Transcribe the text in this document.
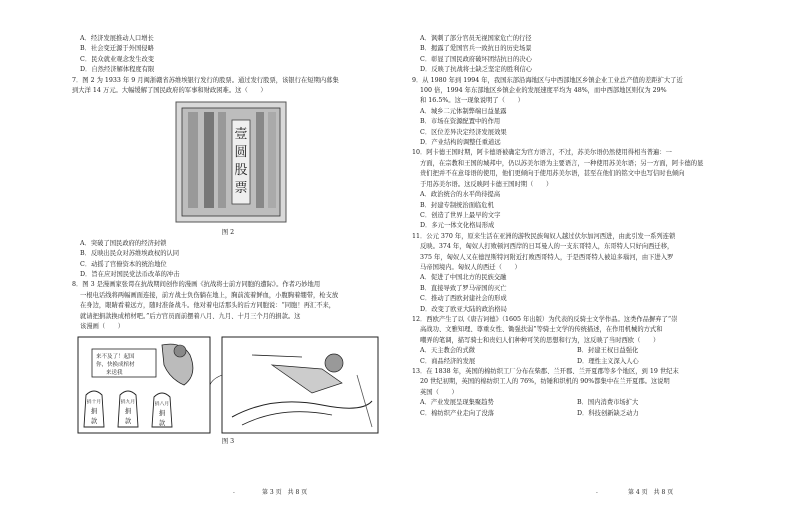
A．经济发展推动人口增长
B．社会变迁源于外国侵略
C．民众就业观念发生改变
D．自然经济解体程度有限
7．图 2 为 1933 年 9 月闽浙赣省苏维埃银行发行的股票。通过发行股票，该银行在短期内募集
到大洋 14 万元。大幅缓解了国民政府的军事和财政困难。这（　　）
壹
圆
股
票
图 2
A．突破了国民政府的经济封锁
B．反映出民众对苏维埃政权的认同
C．动摇了官僚资本的统治地位
D．旨在应对国民党法币改革的冲击
8．图 3 是漫画家张谔在抗战期间创作的漫画《抗战将士前方同胞的遭际》。作者巧妙地用
一根电话线将两幅画面连接，前方战士负伤躺在地上，胸前流着鲜血，小腹胸着绷带，枪支放
在身边，眼睛看着远方，随时准备战斗。他对着电话那头的后方同胞说：“同胞！再汇不来，
就请把捐款换成棺材吧。”后方官员面前摆着八月、九月、十月三个月的捐款。这
该漫画（　　）
来不及了！起国
你，快换成棺材
来送我
捐十月
捐
款
捐九月
捐
款
捐八月
捐
款
图 3
·	第 3 页　共 8 页
A．讽刺了部分官员无视国家危亡的行径
B．揭露了爱国官兵一致抗日的历史场景
C．彰显了国民政府破坏团结抗日的决心
D．反映了抗战将士缺乏坚定的胜利信心
9．从 1980 年到 1994 年，我国东部沿海地区与中西部地区乡镇企业工业总产值的差距扩大了近
100 倍，1994 年东部地区乡镇企业的发展速度平均为 48%，而中西部地区则仅为 29%
和 16.5%。这一现象说明了（　　）
A．城乡二元体制弊端日益显露
B．市场在资源配置中的作用
C．区位差异决定经济发展效果
D．产业结构的调整任重道远
10．阿卡德王国时期，阿卡德语被确定为官方语言，不过，苏美尔语仍然使用得相当普遍：一
方面，在宗教和王国的城邦中，仍以苏美尔语为主要语言，一种使用苏美尔语；另一方面，阿卡德的显
贵们把并不在意母语的使用，他们更倾向于使用苏美尔语，甚至在他们的铭文中也写信时也倾向
于用苏美尔语。这反映阿卡德王国时期（　　）
A．政治统合的水平尚待提高
B．封建专制统治面临危机
C．创造了世界上最早的文字
D．多元一体文化格局形成
11．公元 370 年，原来生活在亚洲的游牧民族匈奴人越过伏尔加河西进，由此引发一系列连锁
反映。374 年，匈奴人打败顿河西岸的日耳曼人的一支东哥特人，东哥特人只好向西迁移，
375 年，匈奴人又在德涅斯特河附近打败西哥特人，于是西哥特人被迫多瑙河，由下进入罗
马帝国境内。匈奴人的西迁（　　）
A．促进了中国北方的民族交融
B．直接导致了罗马帝国的灭亡
C．推动了西欧封建社会的形成
D．改变了欧亚大陆的政治格局
12．西欧产生了以《唐吉诃德》（1605 年出版）为代表的反骑士文学作品。这类作品摒弃了“崇
高战功、文雅知理、尊重女性、锄强扶弱”等骑士文学的传统描述，在作用机械的方式和
嘲弄的笔调，描写骑士和贵妇人们种种可笑的思想和行为，这反映了当时西欧（　　）
A．天主教会的式微	B．封建王权日益强化
C．商品经济的发展	D．理性主义深入人心
13．在 1838 年，英国的棉纺织工厂分布在柴郡、兰开郡、兰开夏郡等多个地区，到 19 世纪末
20 世纪初期，英国的棉纺织工人的 76%，纺锤和织机的 90%都集中在兰开夏郡。这说明
英国（　　）
A．产业发展呈现集聚趋势	B．国内消费市场扩大
C．棉纺织产业走向了没落	D．科技创新缺乏动力
·	第 4 页　共 8 页
